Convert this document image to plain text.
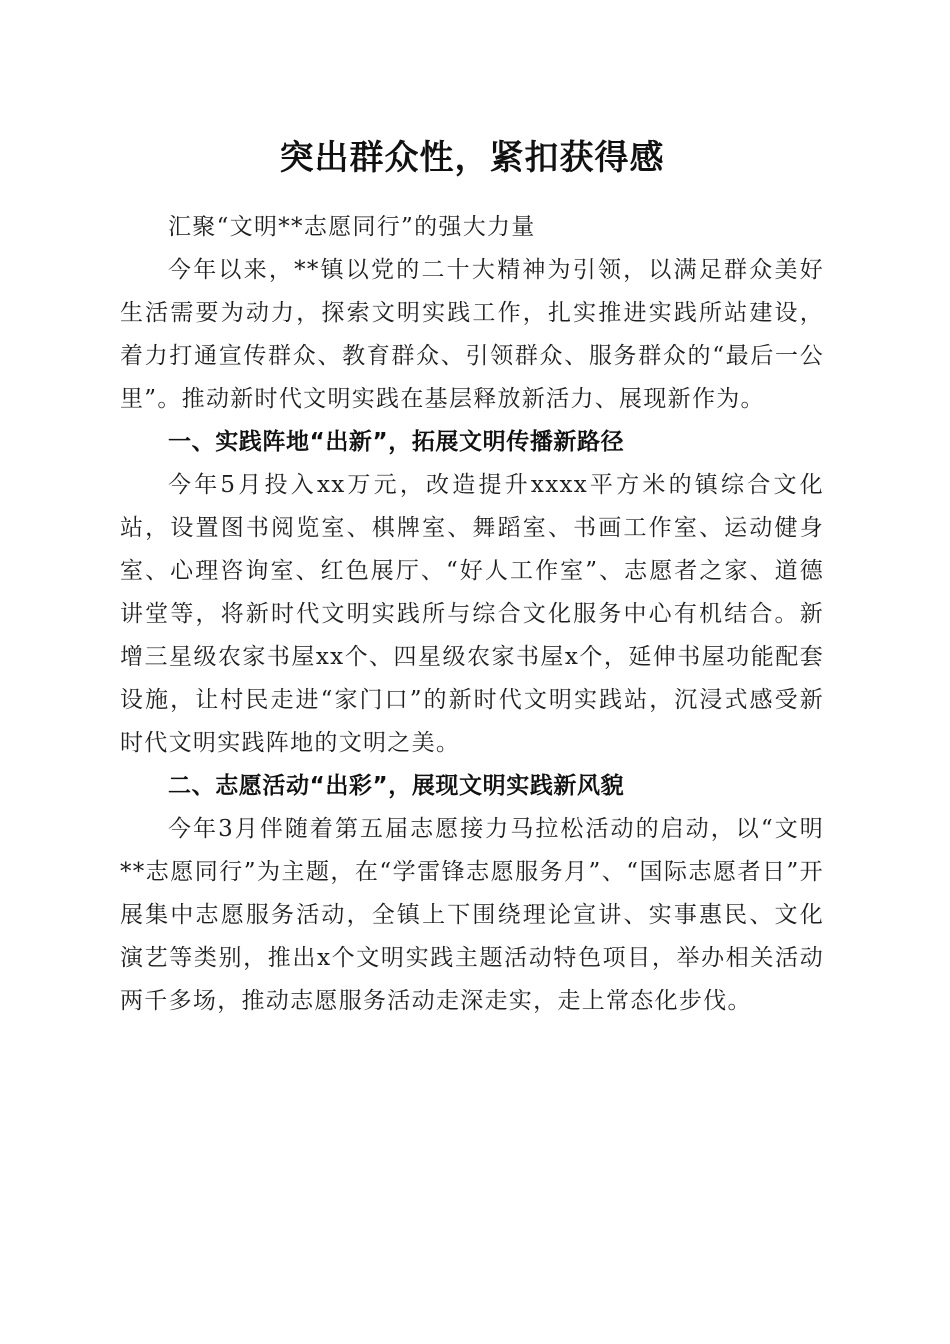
突出群众性，紧扣获得感

汇聚“文明**志愿同行”的强大力量

今年以来，**镇以党的二十大精神为引领，以满足群众美好生活需要为动力，探索文明实践工作，扎实推进实践所站建设，着力打通宣传群众、教育群众、引领群众、服务群众的“最后一公里”。推动新时代文明实践在基层释放新活力、展现新作为。

一、实践阵地“出新”，拓展文明传播新路径

今年5月投入xx万元，改造提升xxxx平方米的镇综合文化站，设置图书阅览室、棋牌室、舞蹈室、书画工作室、运动健身室、心理咨询室、红色展厅、“好人工作室”、志愿者之家、道德讲堂等，将新时代文明实践所与综合文化服务中心有机结合。新增三星级农家书屋xx个、四星级农家书屋x个，延伸书屋功能配套设施，让村民走进“家门口”的新时代文明实践站，沉浸式感受新时代文明实践阵地的文明之美。

二、志愿活动“出彩”，展现文明实践新风貌

今年3月伴随着第五届志愿接力马拉松活动的启动，以“文明**志愿同行”为主题，在“学雷锋志愿服务月”、“国际志愿者日”开展集中志愿服务活动，全镇上下围绕理论宣讲、实事惠民、文化演艺等类别，推出x个文明实践主题活动特色项目，举办相关活动两千多场，推动志愿服务活动走深走实，走上常态化步伐。
